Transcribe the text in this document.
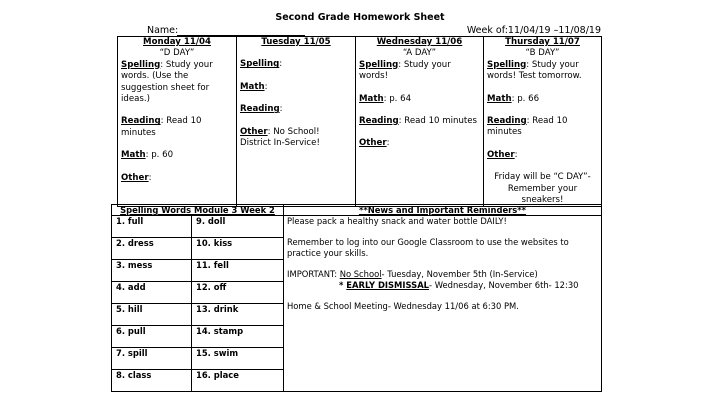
Second Grade Homework Sheet
Name:	Week of:11/04/19 –11/08/19
Monday 11/04
“D DAY”
Spelling: Study your words. (Use the suggestion sheet for ideas.)
Reading: Read 10 minutes
Math: p. 60
Other:

Tuesday 11/05
Spelling:
Math:
Reading:
Other: No School! District In-Service!

Wednesday 11/06
“A DAY”
Spelling: Study your words!
Math: p. 64
Reading: Read 10 minutes
Other:

Thursday 11/07
“B DAY”
Spelling: Study your words! Test tomorrow.
Math: p. 66
Reading: Read 10 minutes
Other:
Friday will be “C DAY”- Remember your sneakers!
Spelling Words Module 3 Week 2		**News and Important Reminders**
1. full	9. doll	Please pack a healthy snack and water bottle DAILY!
Remember to log into our Google Classroom to use the websites to practice your skills.
IMPORTANT: No School- Tuesday, November 5th (In-Service)
* EARLY DISMISSAL- Wednesday, November 6th- 12:30
Home & School Meeting- Wednesday 11/06 at 6:30 PM.

2. dress	10. kiss	
3. mess	11. fell	
4. add	12. off	
5. hill	13. drink	
6. pull	14. stamp	
7. spill	15. swim	
8. class	16. place	
